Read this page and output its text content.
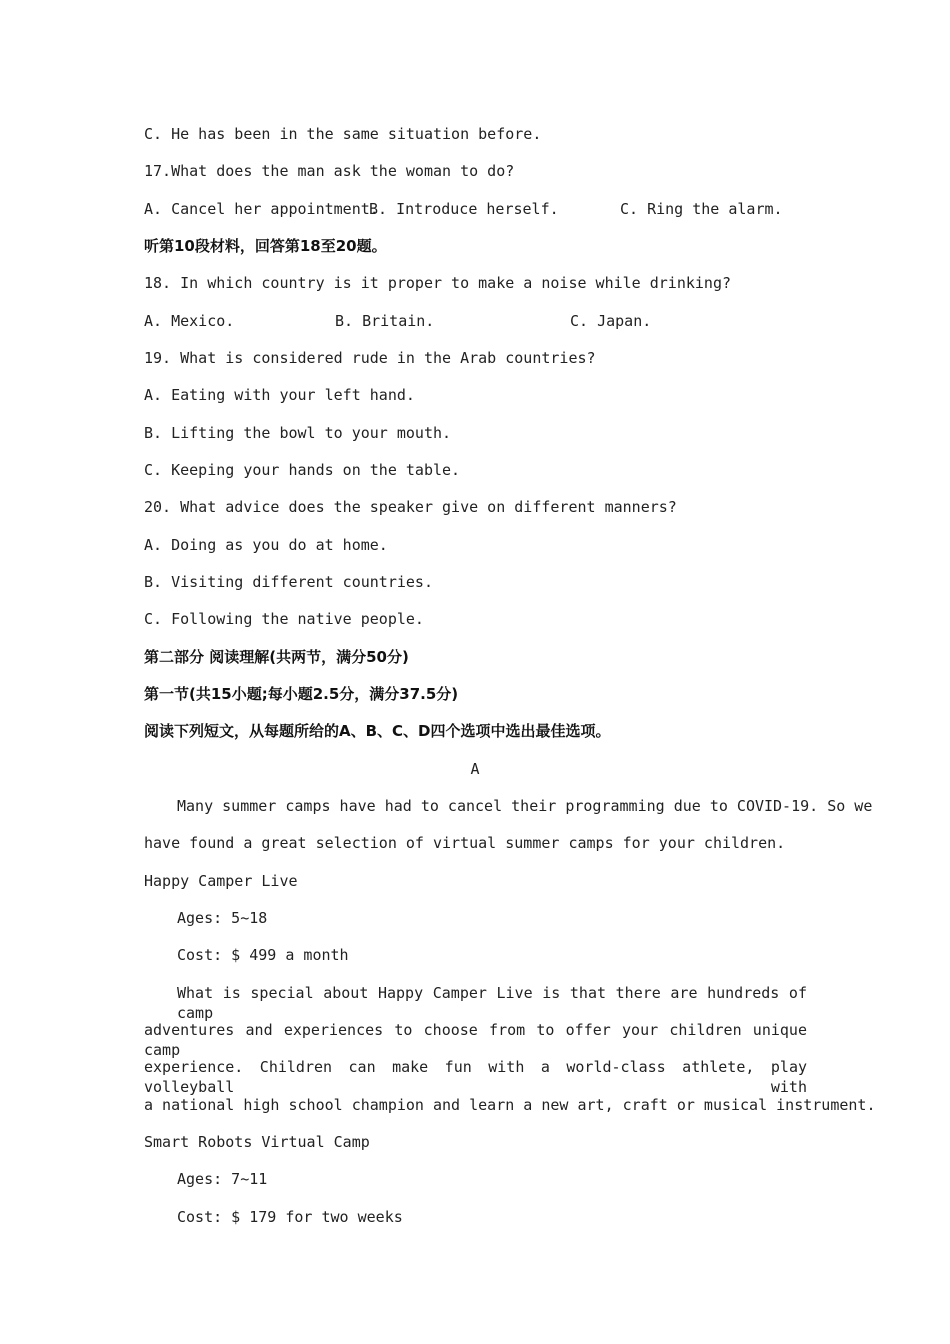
C. He has been in the same situation before.
17.What does the man ask the woman to do?
A. Cancel her appointment.
B. Introduce herself.	C. Ring the alarm.
听第10段材料，回答第18至20题。
18. In which country is it proper to make a noise while drinking?
A. Mexico.	B. Britain.	C. Japan.
19. What is considered rude in the Arab countries?
A. Eating with your left hand.
B. Lifting the bowl to your mouth.
C. Keeping your hands on the table.
20. What advice does the speaker give on different manners?
A. Doing as you do at home.
B. Visiting different countries.
C. Following the native people.
第二部分 阅读理解(共两节，满分50分)
第一节(共15小题;每小题2.5分，满分37.5分)
阅读下列短文，从每题所给的A、B、C、D四个选项中选出最佳选项。
A
Many summer camps have had to cancel their programming due to COVID-19. So we
have found a great selection of virtual summer camps for your children.
Happy Camper Live
Ages: 5~18
Cost: $ 499 a month
What is special about Happy Camper Live is that there are hundreds of camp
adventures and experiences to choose from to offer your children unique camp
experience. Children can make fun with a world-class athlete, play volleyball with
a national high school champion and learn a new art, craft or musical instrument.
Smart Robots Virtual Camp
Ages: 7~11
Cost: $ 179 for two weeks
